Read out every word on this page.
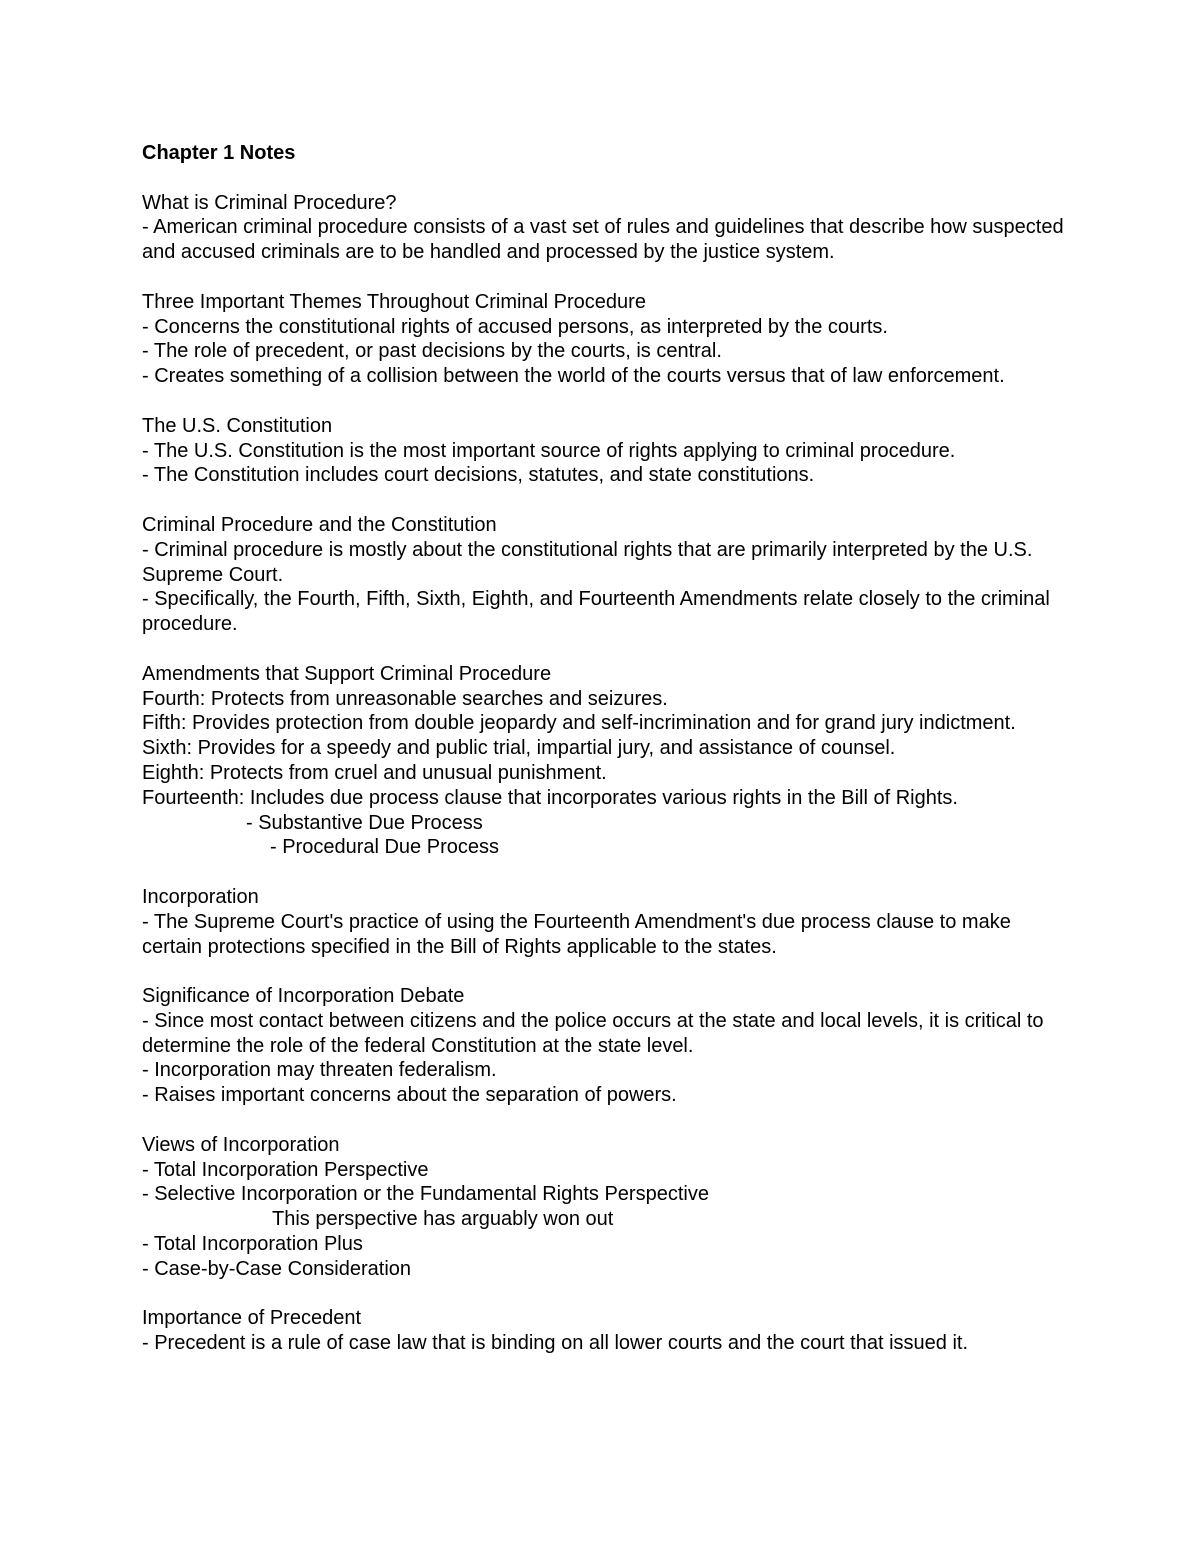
Chapter 1 Notes

What is Criminal Procedure?

- American criminal procedure consists of a vast set of rules and guidelines that describe how suspected and accused criminals are to be handled and processed by the justice system.

Three Important Themes Throughout Criminal Procedure

- Concerns the constitutional rights of accused persons, as interpreted by the courts.

- The role of precedent, or past decisions by the courts, is central.

- Creates something of a collision between the world of the courts versus that of law enforcement.

The U.S. Constitution

- The U.S. Constitution is the most important source of rights applying to criminal procedure.

- The Constitution includes court decisions, statutes, and state constitutions.

Criminal Procedure and the Constitution

- Criminal procedure is mostly about the constitutional rights that are primarily interpreted by the U.S. Supreme Court.

- Specifically, the Fourth, Fifth, Sixth, Eighth, and Fourteenth Amendments relate closely to the criminal procedure.

Amendments that Support Criminal Procedure

Fourth: Protects from unreasonable searches and seizures.

Fifth: Provides protection from double jeopardy and self-incrimination and for grand jury indictment.

Sixth: Provides for a speedy and public trial, impartial jury, and assistance of counsel.

Eighth: Protects from cruel and unusual punishment.

Fourteenth: Includes due process clause that incorporates various rights in the Bill of Rights.

- Substantive Due Process

- Procedural Due Process

Incorporation

- The Supreme Court's practice of using the Fourteenth Amendment's due process clause to make certain protections specified in the Bill of Rights applicable to the states.

Significance of Incorporation Debate

- Since most contact between citizens and the police occurs at the state and local levels, it is critical to determine the role of the federal Constitution at the state level.

- Incorporation may threaten federalism.

- Raises important concerns about the separation of powers.

Views of Incorporation

- Total Incorporation Perspective

- Selective Incorporation or the Fundamental Rights Perspective

This perspective has arguably won out

- Total Incorporation Plus

- Case-by-Case Consideration

Importance of Precedent

- Precedent is a rule of case law that is binding on all lower courts and the court that issued it.
